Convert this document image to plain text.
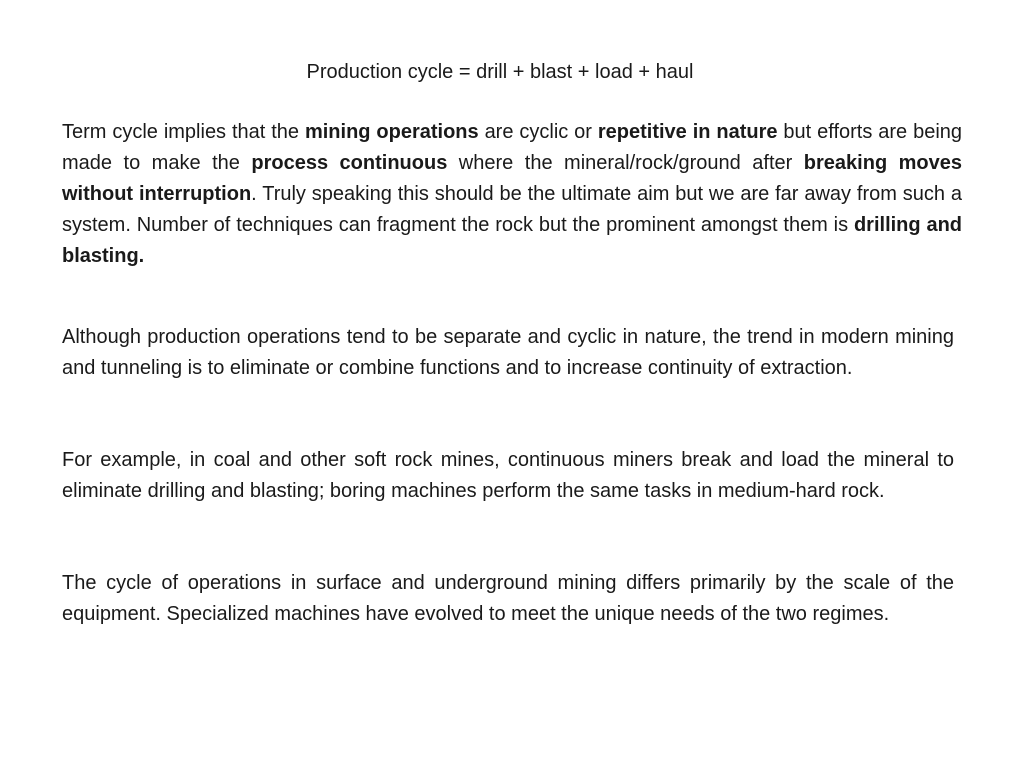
Production cycle = drill + blast + load + haul

Term cycle implies that the mining operations are cyclic or repetitive in nature but efforts are being made to make the process continuous where the mineral/rock/ground after breaking moves without interruption. Truly speaking this should be the ultimate aim but we are far away from such a system. Number of techniques can fragment the rock but the prominent amongst them is drilling and blasting.

Although production operations tend to be separate and cyclic in nature, the trend in modern mining and tunneling is to eliminate or combine functions and to increase continuity of extraction.

For example, in coal and other soft rock mines, continuous miners break and load the mineral to eliminate drilling and blasting; boring machines perform the same tasks in medium-hard rock.

The cycle of operations in surface and underground mining differs primarily by the scale of the equipment. Specialized machines have evolved to meet the unique needs of the two regimes.
